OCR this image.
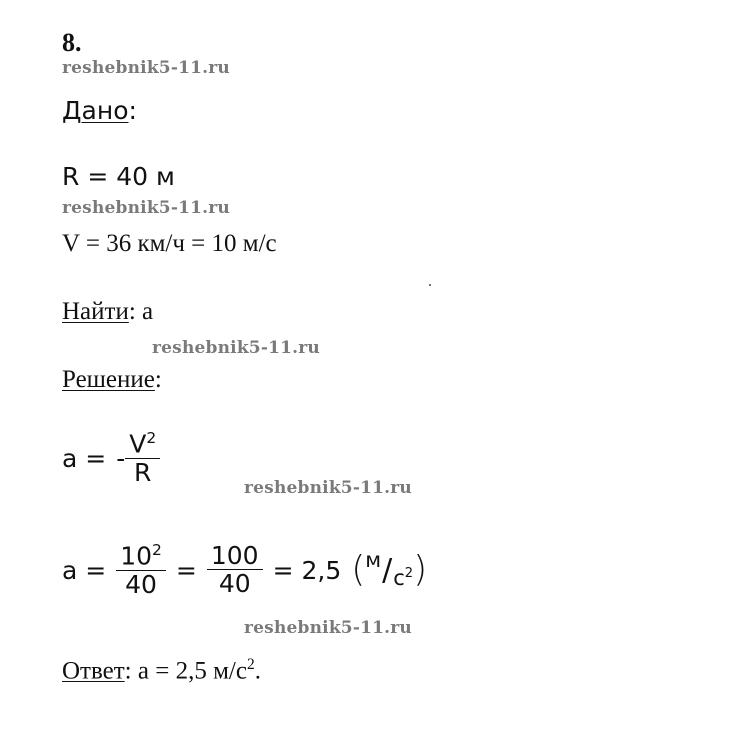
8.
reshebnik5-11.ru
reshebnik5-11.ru
reshebnik5-11.ru
reshebnik5-11.ru
reshebnik5-11.ru
Дано:
R = 40 м
V = 36 км/ч = 10 м/с
Найти: a
Решение:
a = - $\frac{V^2}{R}$
$a = \frac{10^2}{40} = \frac{100}{40} = 2,5$ ( м / $с^2$ )
Ответ: a = 2,5 $м/с^2$.
